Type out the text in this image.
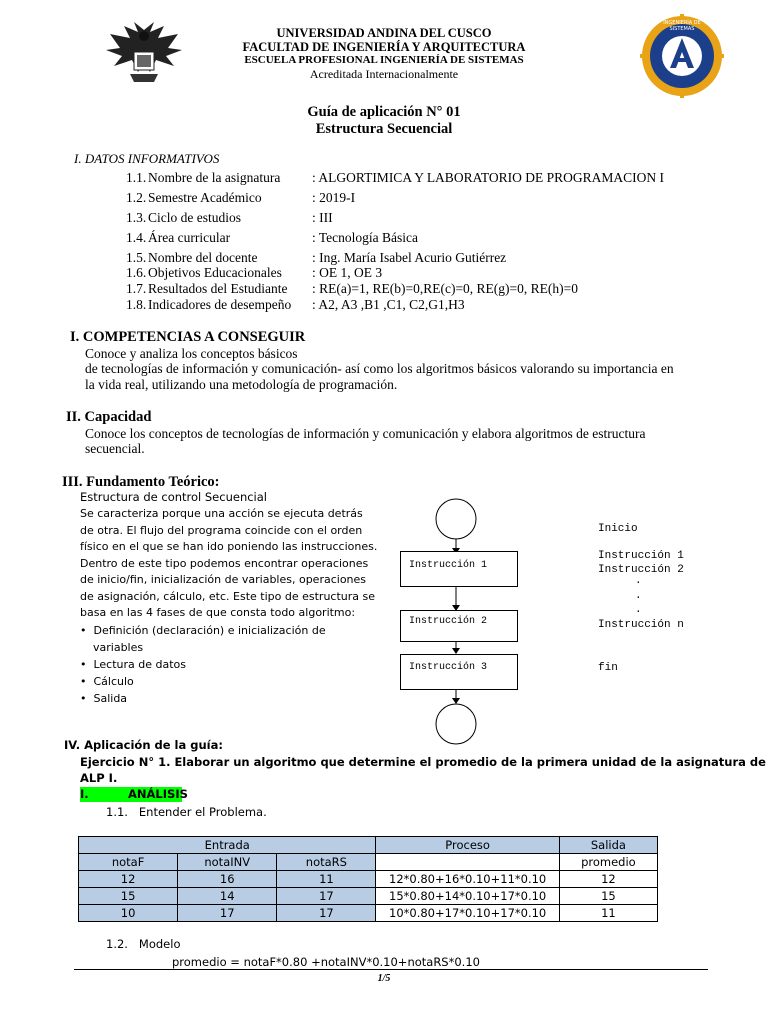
UNIVERSIDAD ANDINA DEL CUSCO
FACULTAD DE INGENIERÍA Y ARQUITECTURA
ESCUELA PROFESIONAL INGENIERÍA DE SISTEMAS
Acreditada Internacionalmente
INGENIERÍA DE SISTEMAS
Guía de aplicación N° 01
Estructura Secuencial
I. DATOS INFORMATIVOS
1.1. Nombre de la asignatura : ALGORTIMICA Y LABORATORIO DE PROGRAMACION I
1.2. Semestre Académico	: 2019-I
1.3. Ciclo de estudios	: III
1.4. Área curricular	: Tecnología Básica
1.5. Nombre del docente	: Ing. María Isabel Acurio Gutiérrez
1.6. Objetivos Educacionales : OE 1, OE 3
1.7. Resultados del Estudiante : RE(a)=1, RE(b)=0,RE(c)=0, RE(g)=0, RE(h)=0
1.8. Indicadores de desempeño : A2, A3 ,B1 ,C1, C2,G1,H3
I. COMPETENCIAS A CONSEGUIR
Conoce y analiza los conceptos básicos
de tecnologías de información y comunicación- así como los algoritmos básicos valorando su importancia en
la vida real, utilizando una metodología de programación.
II. Capacidad
Conoce los conceptos de tecnologías de información y comunicación y elabora algoritmos de estructura
secuencial.
III. Fundamento Teórico:
Estructura de control Secuencial
Se caracteriza porque una acción se ejecuta detrás
de otra. El flujo del programa coincide con el orden
físico en el que se han ido poniendo las instrucciones.
Dentro de este tipo podemos encontrar operaciones
de inicio/fin, inicialización de variables, operaciones
de asignación, cálculo, etc. Este tipo de estructura se
basa en las 4 fases de que consta todo algoritmo:
•  Definición (declaración) e inicialización de
variables
•  Lectura de datos
•  Cálculo
•  Salida
Instrucción 1
Instrucción 2
Instrucción 3
Inicio
Instrucción 1
Instrucción 2
.
.
.
Instrucción n
fin
IV. Aplicación de la guía:
Ejercicio N° 1. Elaborar un algoritmo que determine el promedio de la primera unidad de la asignatura de
ALP I.
I.	ANÁLISIS
1.1.   Entender el Problema.
Entrada			Proceso	Salida
notaF	notaINV	notaRS		promedio
12	16	11	12*0.80+16*0.10+11*0.10	12
15	14	17	15*0.80+14*0.10+17*0.10	15
10	17	17	10*0.80+17*0.10+17*0.10	11
1.2.   Modelo
promedio = notaF*0.80 +notaINV*0.10+notaRS*0.10
1/5
